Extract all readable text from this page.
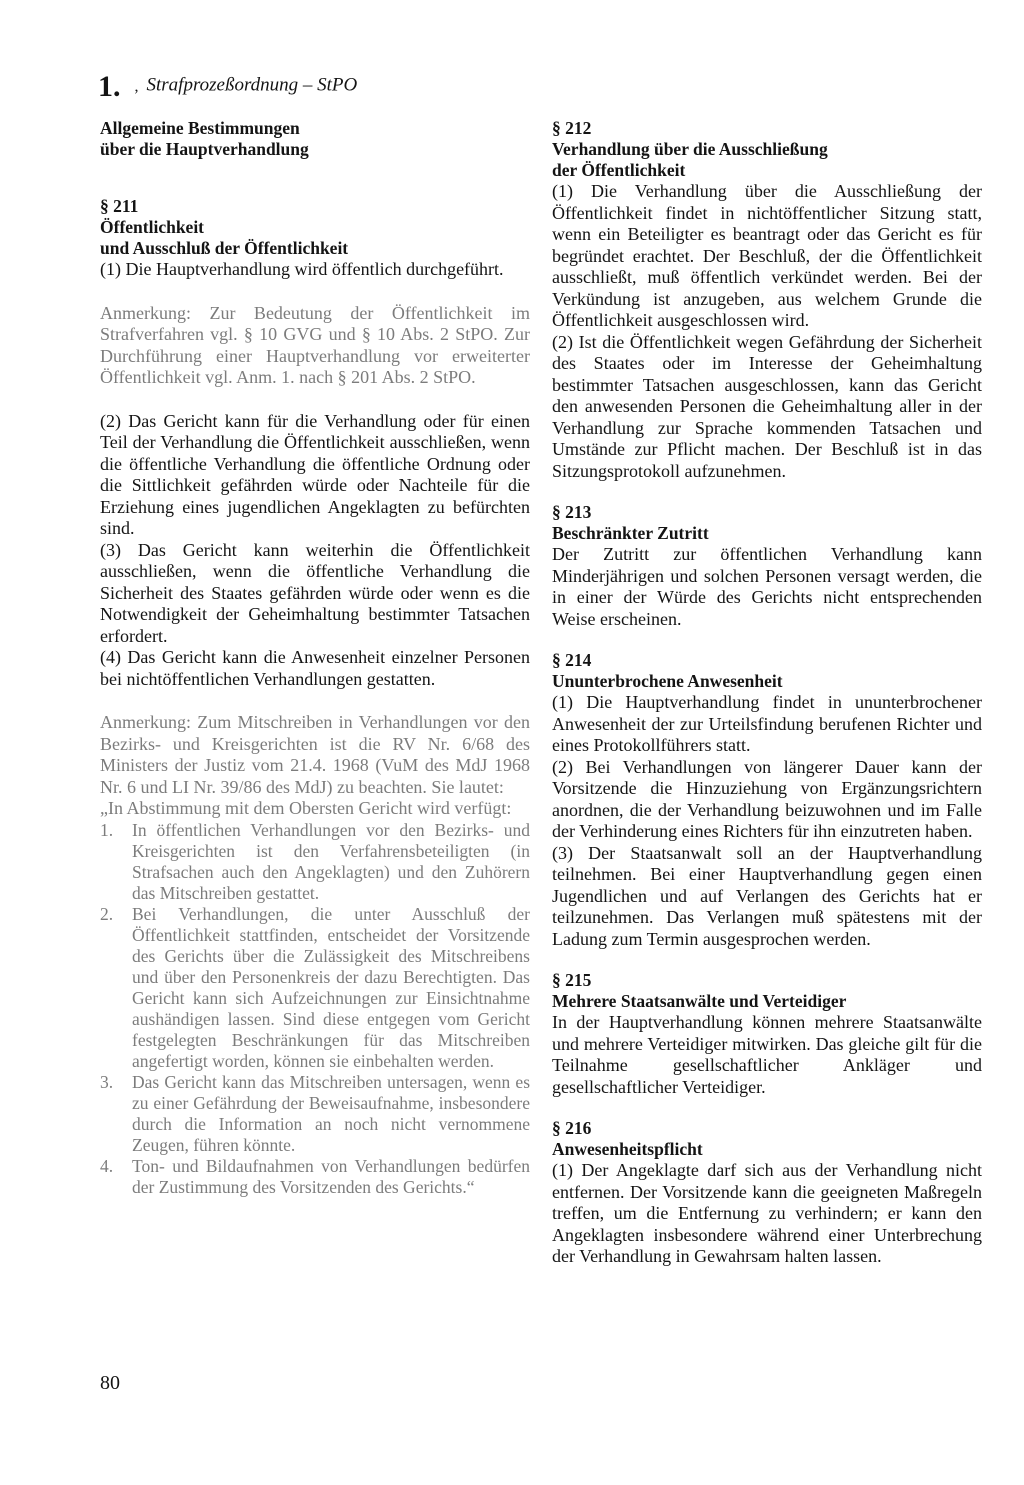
1. , Strafprozeßordnung – StPO
Allgemeine Bestimmungen
über die Hauptverhandlung
§ 211
Öffentlichkeit
und Ausschluß der Öffentlichkeit

(1) Die Hauptverhandlung wird öffentlich durchgeführt.

Anmerkung: Zur Bedeutung der Öffentlichkeit im Strafverfahren vgl. § 10 GVG und § 10 Abs. 2 StPO. Zur Durchführung einer Hauptverhandlung vor erweiterter Öffentlichkeit vgl. Anm. 1. nach § 201 Abs. 2 StPO.

(2) Das Gericht kann für die Verhandlung oder für einen Teil der Verhandlung die Öffentlichkeit ausschließen, wenn die öffentliche Verhandlung die öffentliche Ordnung oder die Sittlichkeit gefährden würde oder Nachteile für die Erziehung eines jugendlichen Angeklagten zu befürchten sind.

(3) Das Gericht kann weiterhin die Öffentlichkeit ausschließen, wenn die öffentliche Verhandlung die Sicherheit des Staates gefährden würde oder wenn es die Notwendigkeit der Geheimhaltung bestimmter Tatsachen erfordert.

(4) Das Gericht kann die Anwesenheit einzelner Personen bei nichtöffentlichen Verhandlungen gestatten.

Anmerkung: Zum Mitschreiben in Verhandlungen vor den Bezirks- und Kreisgerichten ist die RV Nr. 6/68 des Ministers der Justiz vom 21.4. 1968 (VuM des MdJ 1968 Nr. 6 und LI Nr. 39/86 des MdJ) zu beachten. Sie lautet:

„In Abstimmung mit dem Obersten Gericht wird verfügt:

1.	In öffentlichen Verhandlungen vor den Bezirks- und Kreisgerichten ist den Verfahrensbeteiligten (in Strafsachen auch den Angeklagten) und den Zuhörern das Mitschreiben gestattet.
2.	Bei Verhandlungen, die unter Ausschluß der Öffentlichkeit stattfinden, entscheidet der Vorsitzende des Gerichts über die Zulässigkeit des Mitschreibens und über den Personenkreis der dazu Berechtigten. Das Gericht kann sich Aufzeichnungen zur Einsichtnahme aushändigen lassen. Sind diese entgegen vom Gericht festgelegten Beschränkungen für das Mitschreiben angefertigt worden, können sie einbehalten werden.
3.	Das Gericht kann das Mitschreiben untersagen, wenn es zu einer Gefährdung der Beweisaufnahme, insbesondere durch die Information an noch nicht vernommene Zeugen, führen könnte.
4.	Ton- und Bildaufnahmen von Verhandlungen bedürfen der Zustimmung des Vorsitzenden des Gerichts.“
80
§ 212
Verhandlung über die Ausschließung
der Öffentlichkeit

(1) Die Verhandlung über die Ausschließung der Öffentlichkeit findet in nichtöffentlicher Sitzung statt, wenn ein Beteiligter es beantragt oder das Gericht es für begründet erachtet. Der Beschluß, der die Öffentlichkeit ausschließt, muß öffentlich verkündet werden. Bei der Verkündung ist anzugeben, aus welchem Grunde die Öffentlichkeit ausgeschlossen wird.

(2) Ist die Öffentlichkeit wegen Gefährdung der Sicherheit des Staates oder im Interesse der Geheimhaltung bestimmter Tatsachen ausgeschlossen, kann das Gericht den anwesenden Personen die Geheimhaltung aller in der Verhandlung zur Sprache kommenden Tatsachen und Umstände zur Pflicht machen. Der Beschluß ist in das Sitzungsprotokoll aufzunehmen.

§ 213
Beschränkter Zutritt

Der Zutritt zur öffentlichen Verhandlung kann Minderjährigen und solchen Personen versagt werden, die in einer der Würde des Gerichts nicht entsprechenden Weise erscheinen.

§ 214
Ununterbrochene Anwesenheit

(1) Die Hauptverhandlung findet in ununterbrochener Anwesenheit der zur Urteilsfindung berufenen Richter und eines Protokollführers statt.

(2) Bei Verhandlungen von längerer Dauer kann der Vorsitzende die Hinzuziehung von Ergänzungsrichtern anordnen, die der Verhandlung beizuwohnen und im Falle der Verhinderung eines Richters für ihn einzutreten haben.

(3) Der Staatsanwalt soll an der Hauptverhandlung teilnehmen. Bei einer Hauptverhandlung gegen einen Jugendlichen und auf Verlangen des Gerichts hat er teilzunehmen. Das Verlangen muß spätestens mit der Ladung zum Termin ausgesprochen werden.

§ 215
Mehrere Staatsanwälte und Verteidiger

In der Hauptverhandlung können mehrere Staatsanwälte und mehrere Verteidiger mitwirken. Das gleiche gilt für die Teilnahme gesellschaftlicher Ankläger und gesellschaftlicher Verteidiger.

§ 216
Anwesenheitspflicht

(1) Der Angeklagte darf sich aus der Verhandlung nicht entfernen. Der Vorsitzende kann die geeigneten Maßregeln treffen, um die Entfernung zu verhindern; er kann den Angeklagten insbesondere während einer Unterbrechung der Verhandlung in Gewahrsam halten lassen.
